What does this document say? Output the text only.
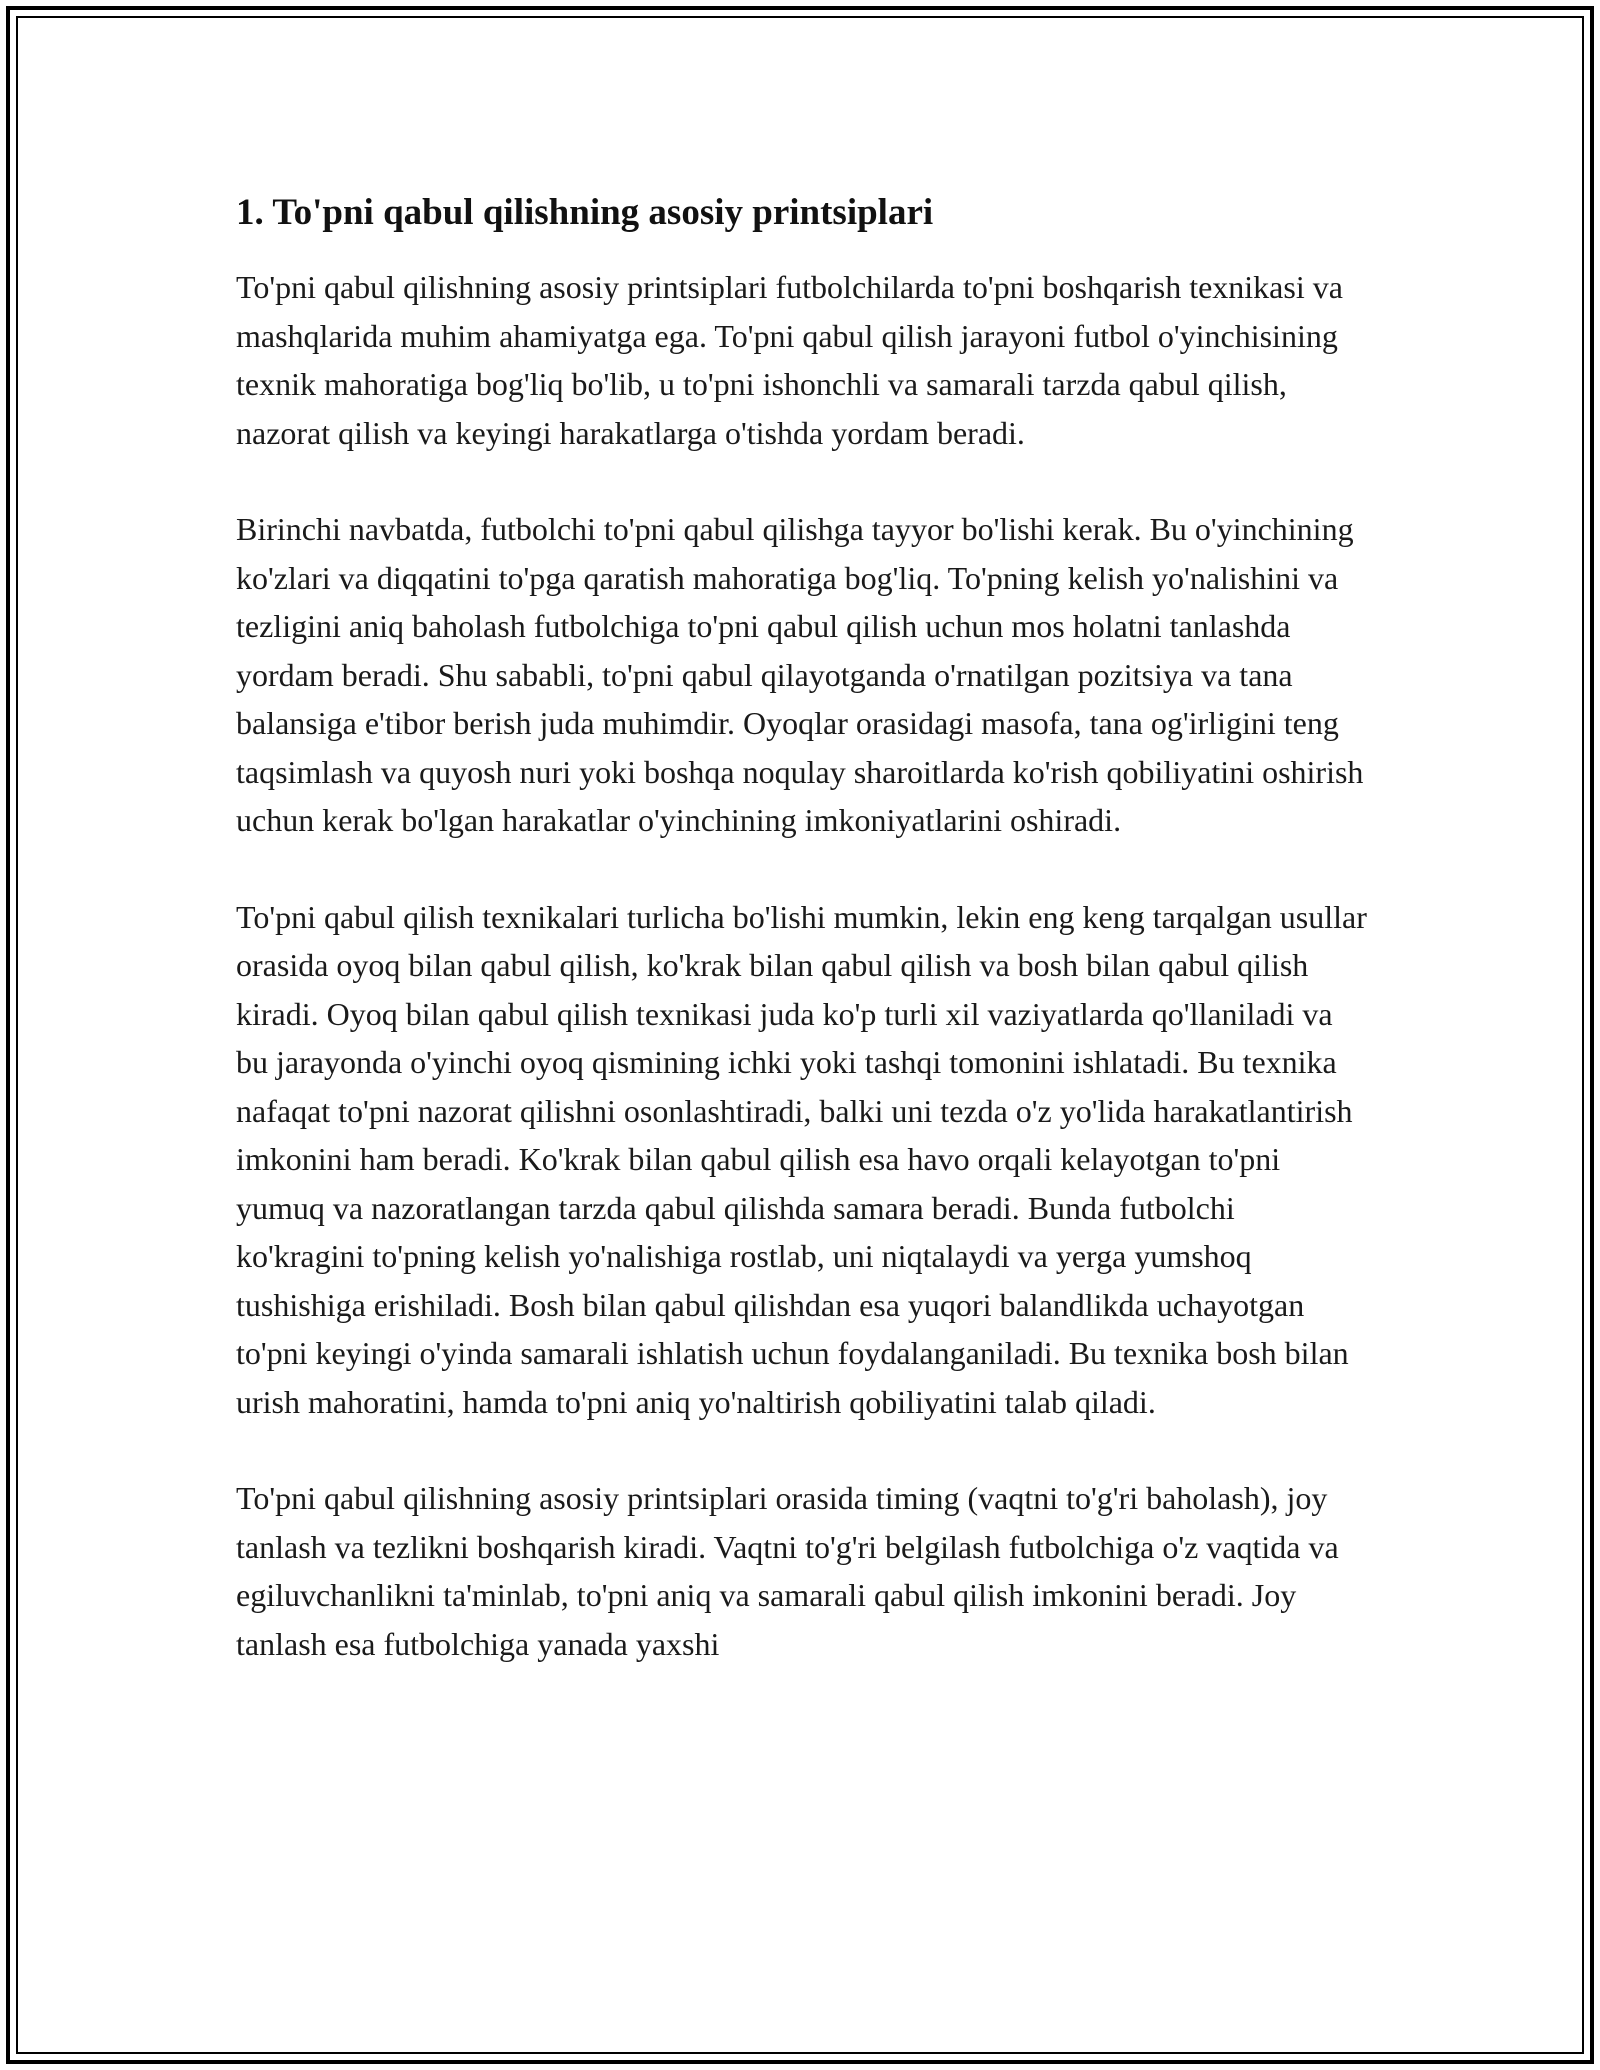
1. To'pni qabul qilishning asosiy printsiplari

To'pni qabul qilishning asosiy printsiplari futbolchilarda to'pni boshqarish texnikasi va mashqlarida muhim ahamiyatga ega. To'pni qabul qilish jarayoni futbol o'yinchisining texnik mahoratiga bog'liq bo'lib, u to'pni ishonchli va samarali tarzda qabul qilish, nazorat qilish va keyingi harakatlarga o'tishda yordam beradi.

Birinchi navbatda, futbolchi to'pni qabul qilishga tayyor bo'lishi kerak. Bu o'yinchining ko'zlari va diqqatini to'pga qaratish mahoratiga bog'liq. To'pning kelish yo'nalishini va tezligini aniq baholash futbolchiga to'pni qabul qilish uchun mos holatni tanlashda yordam beradi. Shu sababli, to'pni qabul qilayotganda o'rnatilgan pozitsiya va tana balansiga e'tibor berish juda muhimdir. Oyoqlar orasidagi masofa, tana og'irligini teng taqsimlash va quyosh nuri yoki boshqa noqulay sharoitlarda ko'rish qobiliyatini oshirish uchun kerak bo'lgan harakatlar o'yinchining imkoniyatlarini oshiradi.

To'pni qabul qilish texnikalari turlicha bo'lishi mumkin, lekin eng keng tarqalgan usullar orasida oyoq bilan qabul qilish, ko'krak bilan qabul qilish va bosh bilan qabul qilish kiradi. Oyoq bilan qabul qilish texnikasi juda ko'p turli xil vaziyatlarda qo'llaniladi va bu jarayonda o'yinchi oyoq qismining ichki yoki tashqi tomonini ishlatadi. Bu texnika nafaqat to'pni nazorat qilishni osonlashtiradi, balki uni tezda o'z yo'lida harakatlantirish imkonini ham beradi. Ko'krak bilan qabul qilish esa havo orqali kelayotgan to'pni yumuq va nazoratlangan tarzda qabul qilishda samara beradi. Bunda futbolchi ko'kragini to'pning kelish yo'nalishiga rostlab, uni niqtalaydi va yerga yumshoq tushishiga erishiladi. Bosh bilan qabul qilishdan esa yuqori balandlikda uchayotgan to'pni keyingi o'yinda samarali ishlatish uchun foydalanganiladi. Bu texnika bosh bilan urish mahoratini, hamda to'pni aniq yo'naltirish qobiliyatini talab qiladi.

To'pni qabul qilishning asosiy printsiplari orasida timing (vaqtni to'g'ri baholash), joy tanlash va tezlikni boshqarish kiradi. Vaqtni to'g'ri belgilash futbolchiga o'z vaqtida va egiluvchanlikni ta'minlab, to'pni aniq va samarali qabul qilish imkonini beradi. Joy tanlash esa futbolchiga yanada yaxshi
